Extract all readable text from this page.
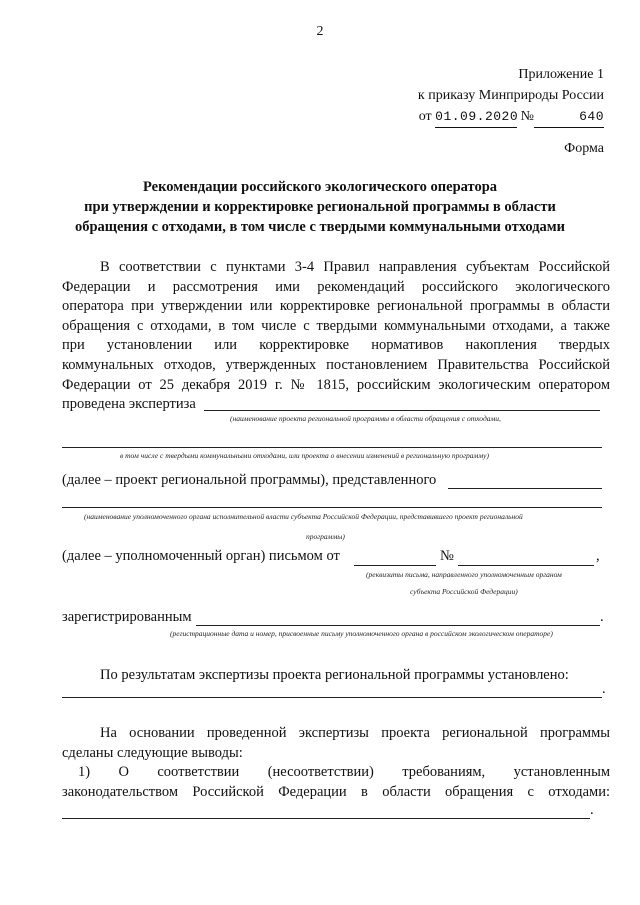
2
Приложение 1
к приказу Минприроды России
от 01.09.2020 №	640
Форма
Рекомендации российского экологического оператора
при утверждении и корректировке региональной программы в области
обращения с отходами, в том числе с твердыми коммунальными отходами
В соответствии с пунктами 3-4 Правил направления субъектам Российской
Федерации и рассмотрения ими рекомендаций российского экологического
оператора при утверждении или корректировке региональной программы в области
обращения с отходами, в том числе с твердыми коммунальными отходами, а также
при установлении или корректировке нормативов накопления твердых
коммунальных отходов, утвержденных постановлением Правительства Российской
Федерации от 25 декабря 2019 г. № 1815, российским экологическим оператором
проведена экспертиза
(наименование проекта региональной программы в области обращения с отходами,
в том числе с твердыми коммунальными отходами, или проекта о внесении изменений в региональную программу)
(далее – проект региональной программы), представленного
(наименование уполномоченного органа исполнительной власти субъекта Российской Федерации, представившего проект региональной
программы)
(далее – уполномоченный орган) письмом от	№	,
(реквизиты письма, направленного уполномоченным органом
субъекта Российской Федерации)
зарегистрированным	.
(регистрационные дата и номер, присвоенные письму уполномоченного органа в российском экологическом операторе)
По результатам экспертизы проекта региональной программы установлено:
.
На основании проведенной экспертизы проекта региональной программы
сделаны следующие выводы:
1) О соответствии (несоответствии) требованиям, установленным
законодательством Российской Федерации в области обращения с отходами:
.
